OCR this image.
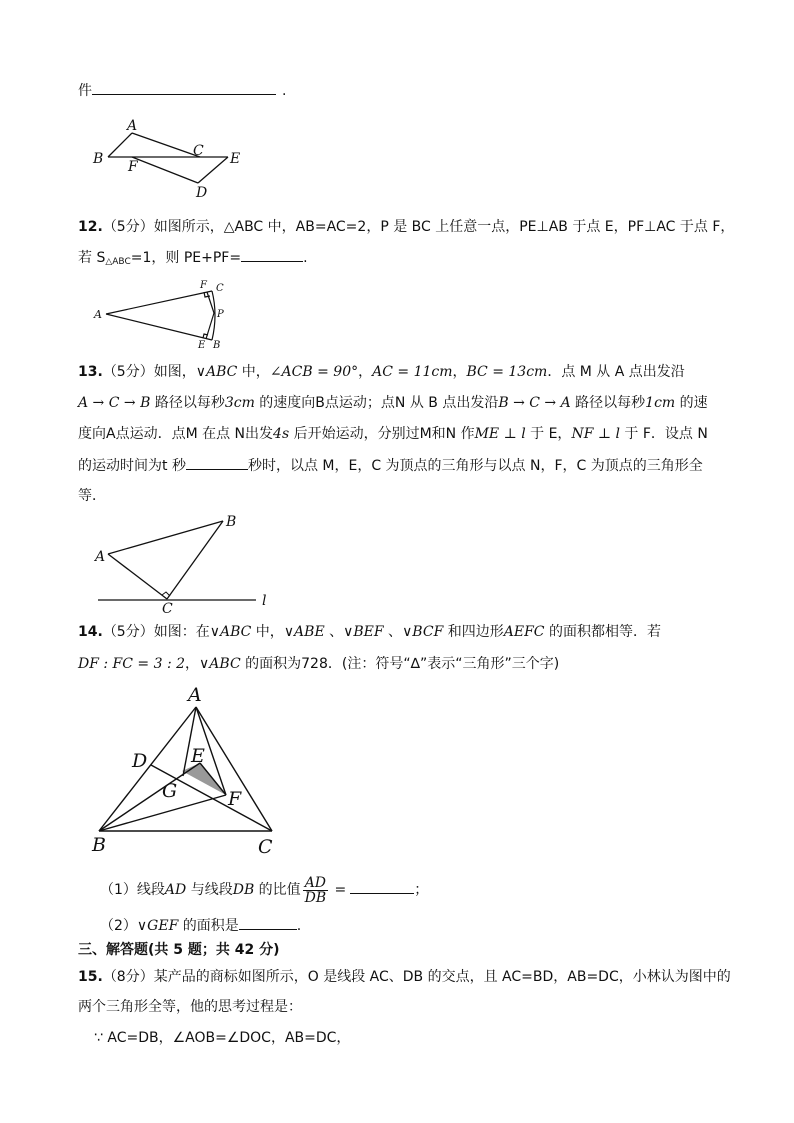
件	.
A
B	C E
F
D
12.（5分）如图所示，△ABC 中，AB=AC=2，P 是 BC 上任意一点，PE⊥AB 于点 E，PF⊥AC 于点 F，
若 $S_{\triangle ABC}=1$，则 PE+PF=	.
A
F C
P
E B
13.（5分）如图，∨ABC 中，∠ACB = 90°，AC = 11cm，BC = 13cm．点 M 从 A 点出发沿
A → C → B 路径以每秒3cm 的速度向B点运动；点N 从 B 点出发沿B → C → A 路径以每秒1cm 的速
度向A点运动．点M 在点 N出发4s 后开始运动，分别过M和N 作ME ⊥ l 于 E，NF ⊥ l 于 F．设点 N
的运动时间为t 秒	秒时，以点 M，E，C 为顶点的三角形与以点 N，F，C 为顶点的三角形全
等．
A
B
C	l
14.（5分）如图：在∨ABC 中，∨ABE 、∨BEF 、∨BCF 和四边形AEFC 的面积都相等．若
DF : FC = 3 : 2，∨ABC 的面积为728．(注：符号“∆”表示“三角形”三个字)
A
D E
G	F
B	C
（1）线段AD 与线段DB 的比值 $\frac{AD}{DB}$ =	；
（2）∨GEF 的面积是	.
三、解答题(共 5 题；共 42 分)
15.（8分）某产品的商标如图所示，O 是线段 AC、DB 的交点，且 AC=BD，AB=DC，小林认为图中的
两个三角形全等，他的思考过程是：
∵ AC=DB，∠AOB=∠DOC，AB=DC，
